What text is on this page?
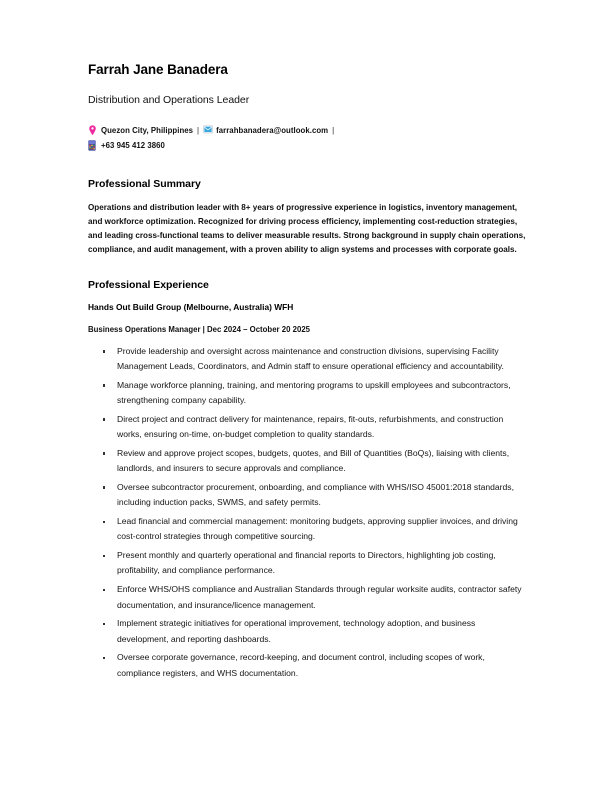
Farrah Jane Banadera
Distribution and Operations Leader
Quezon City, Philippines |	farrahbanadera@outlook.com |
+63 945 412 3860
Professional Summary

Operations and distribution leader with 8+ years of progressive experience in logistics, inventory management, and workforce optimization. Recognized for driving process efficiency, implementing cost-reduction strategies, and leading cross-functional teams to deliver measurable results. Strong background in supply chain operations, compliance, and audit management, with a proven ability to align systems and processes with corporate goals.

Professional Experience
Hands Out Build Group (Melbourne, Australia) WFH
Business Operations Manager | Dec 2024 – October 20 2025
Provide leadership and oversight across maintenance and construction divisions, supervising Facility Management Leads, Coordinators, and Admin staff to ensure operational efficiency and accountability.
Manage workforce planning, training, and mentoring programs to upskill employees and subcontractors, strengthening company capability.
Direct project and contract delivery for maintenance, repairs, fit-outs, refurbishments, and construction works, ensuring on-time, on-budget completion to quality standards.
Review and approve project scopes, budgets, quotes, and Bill of Quantities (BoQs), liaising with clients, landlords, and insurers to secure approvals and compliance.
Oversee subcontractor procurement, onboarding, and compliance with WHS/ISO 45001:2018 standards, including induction packs, SWMS, and safety permits.
Lead financial and commercial management: monitoring budgets, approving supplier invoices, and driving cost-control strategies through competitive sourcing.
Present monthly and quarterly operational and financial reports to Directors, highlighting job costing, profitability, and compliance performance.
Enforce WHS/OHS compliance and Australian Standards through regular worksite audits, contractor safety documentation, and insurance/licence management.
Implement strategic initiatives for operational improvement, technology adoption, and business development, and reporting dashboards.
Oversee corporate governance, record-keeping, and document control, including scopes of work, compliance registers, and WHS documentation.
